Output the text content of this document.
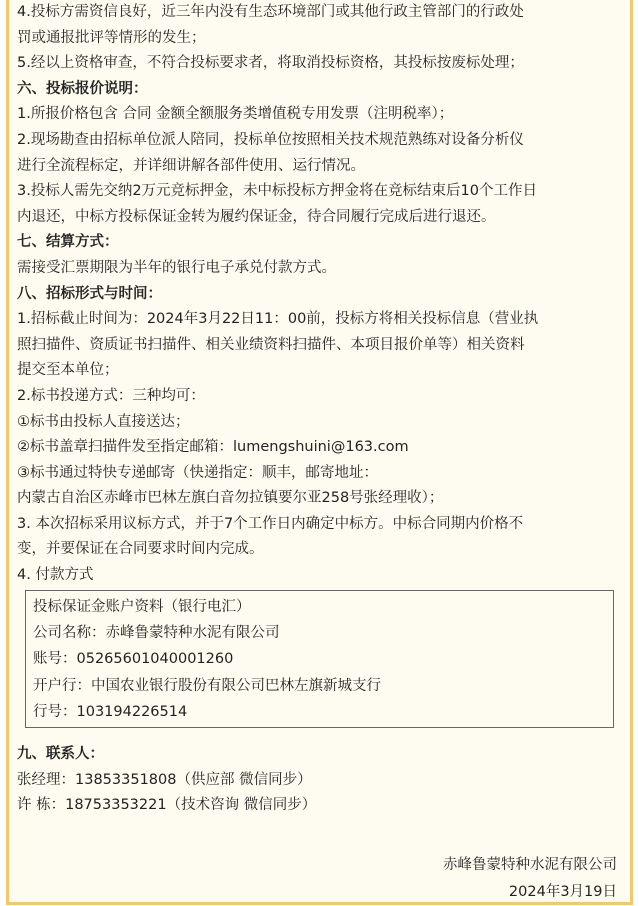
4.投标方需资信良好，近三年内没有生态环境部门或其他行政主管部门的行政处
罚或通报批评等情形的发生；
5.经以上资格审查，不符合投标要求者，将取消投标资格，其投标按废标处理；
六、投标报价说明：
1.所报价格包含 合同 金额全额服务类增值税专用发票（注明税率）；
2.现场勘查由招标单位派人陪同，投标单位按照相关技术规范熟练对设备分析仪
进行全流程标定，并详细讲解各部件使用、运行情况。
3.投标人需先交纳2万元竞标押金，未中标投标方押金将在竞标结束后10个工作日
内退还，中标方投标保证金转为履约保证金，待合同履行完成后进行退还。
七、结算方式：
需接受汇票期限为半年的银行电子承兑付款方式。
八、招标形式与时间：
1.招标截止时间为：2024年3月22日11：00前，投标方将相关投标信息（营业执
照扫描件、资质证书扫描件、相关业绩资料扫描件、本项目报价单等）相关资料
提交至本单位；
2.标书投递方式：三种均可：
①标书由投标人直接送达；
②标书盖章扫描件发至指定邮箱：lumengshuini@163.com
③标书通过特快专递邮寄（快递指定：顺丰，邮寄地址：
内蒙古自治区赤峰市巴林左旗白音勿拉镇要尔亚258号张经理收）；
3. 本次招标采用议标方式，并于7个工作日内确定中标方。中标合同期内价格不
变，并要保证在合同要求时间内完成。
4. 付款方式
投标保证金账户资料（银行电汇）
公司名称：赤峰鲁蒙特种水泥有限公司
账号：05265601040001260
开户行：中国农业银行股份有限公司巴林左旗新城支行
行号：103194226514
九、联系人：
张经理：13853351808（供应部 微信同步）
许 栋：18753353221（技术咨询 微信同步）
赤峰鲁蒙特种水泥有限公司
2024年3月19日
